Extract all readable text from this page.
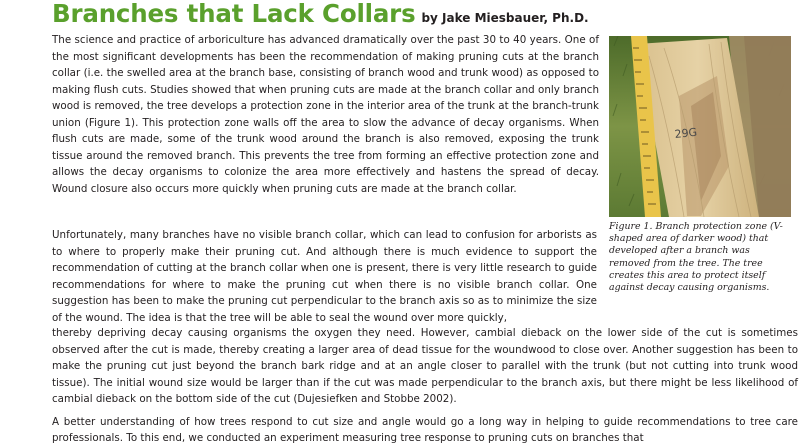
Branches that Lack Collars by Jake Miesbauer, Ph.D.

The science and practice of arboriculture has advanced dramatically over the past 30 to 40 years. One of the most significant developments has been the recommendation of making pruning cuts at the branch collar (i.e. the swelled area at the branch base, consisting of branch wood and trunk wood) as opposed to making flush cuts. Studies showed that when pruning cuts are made at the branch collar and only branch wood is removed, the tree develops a protection zone in the interior area of the trunk at the branch-trunk union (Figure 1). This protection zone walls off the area to slow the advance of decay organisms. When flush cuts are made, some of the trunk wood around the branch is also removed, exposing the trunk tissue around the removed branch. This prevents the tree from forming an effective protection zone and allows the decay organisms to colonize the area more effectively and hastens the spread of decay. Wound closure also occurs more quickly when pruning cuts are made at the branch collar.

Unfortunately, many branches have no visible branch collar, which can lead to confusion for arborists as to where to properly make their pruning cut. And although there is much evidence to support the recommendation of cutting at the branch collar when one is present, there is very little research to guide recommendations for where to make the pruning cut when there is no visible branch collar. One suggestion has been to make the pruning cut perpendicular to the branch axis so as to minimize the size of the wound. The idea is that the tree will be able to seal the wound over more quickly,

thereby depriving decay causing organisms the oxygen they need. However, cambial dieback on the lower side of the cut is sometimes observed after the cut is made, thereby creating a larger area of dead tissue for the woundwood to close over. Another suggestion has been to make the pruning cut just beyond the branch bark ridge and at an angle closer to parallel with the trunk (but not cutting into trunk wood tissue). The initial wound size would be larger than if the cut was made perpendicular to the branch axis, but there might be less likelihood of cambial dieback on the bottom side of the cut (Dujesiefken and Stobbe 2002).

A better understanding of how trees respond to cut size and angle would go a long way in helping to guide recommendations to tree care professionals. To this end, we conducted an experiment measuring tree response to pruning cuts on branches that

29G
Figure 1. Branch protection zone (V-shaped area of darker wood) that developed after a branch was removed from the tree. The tree creates this area to protect itself against decay causing organisms.
